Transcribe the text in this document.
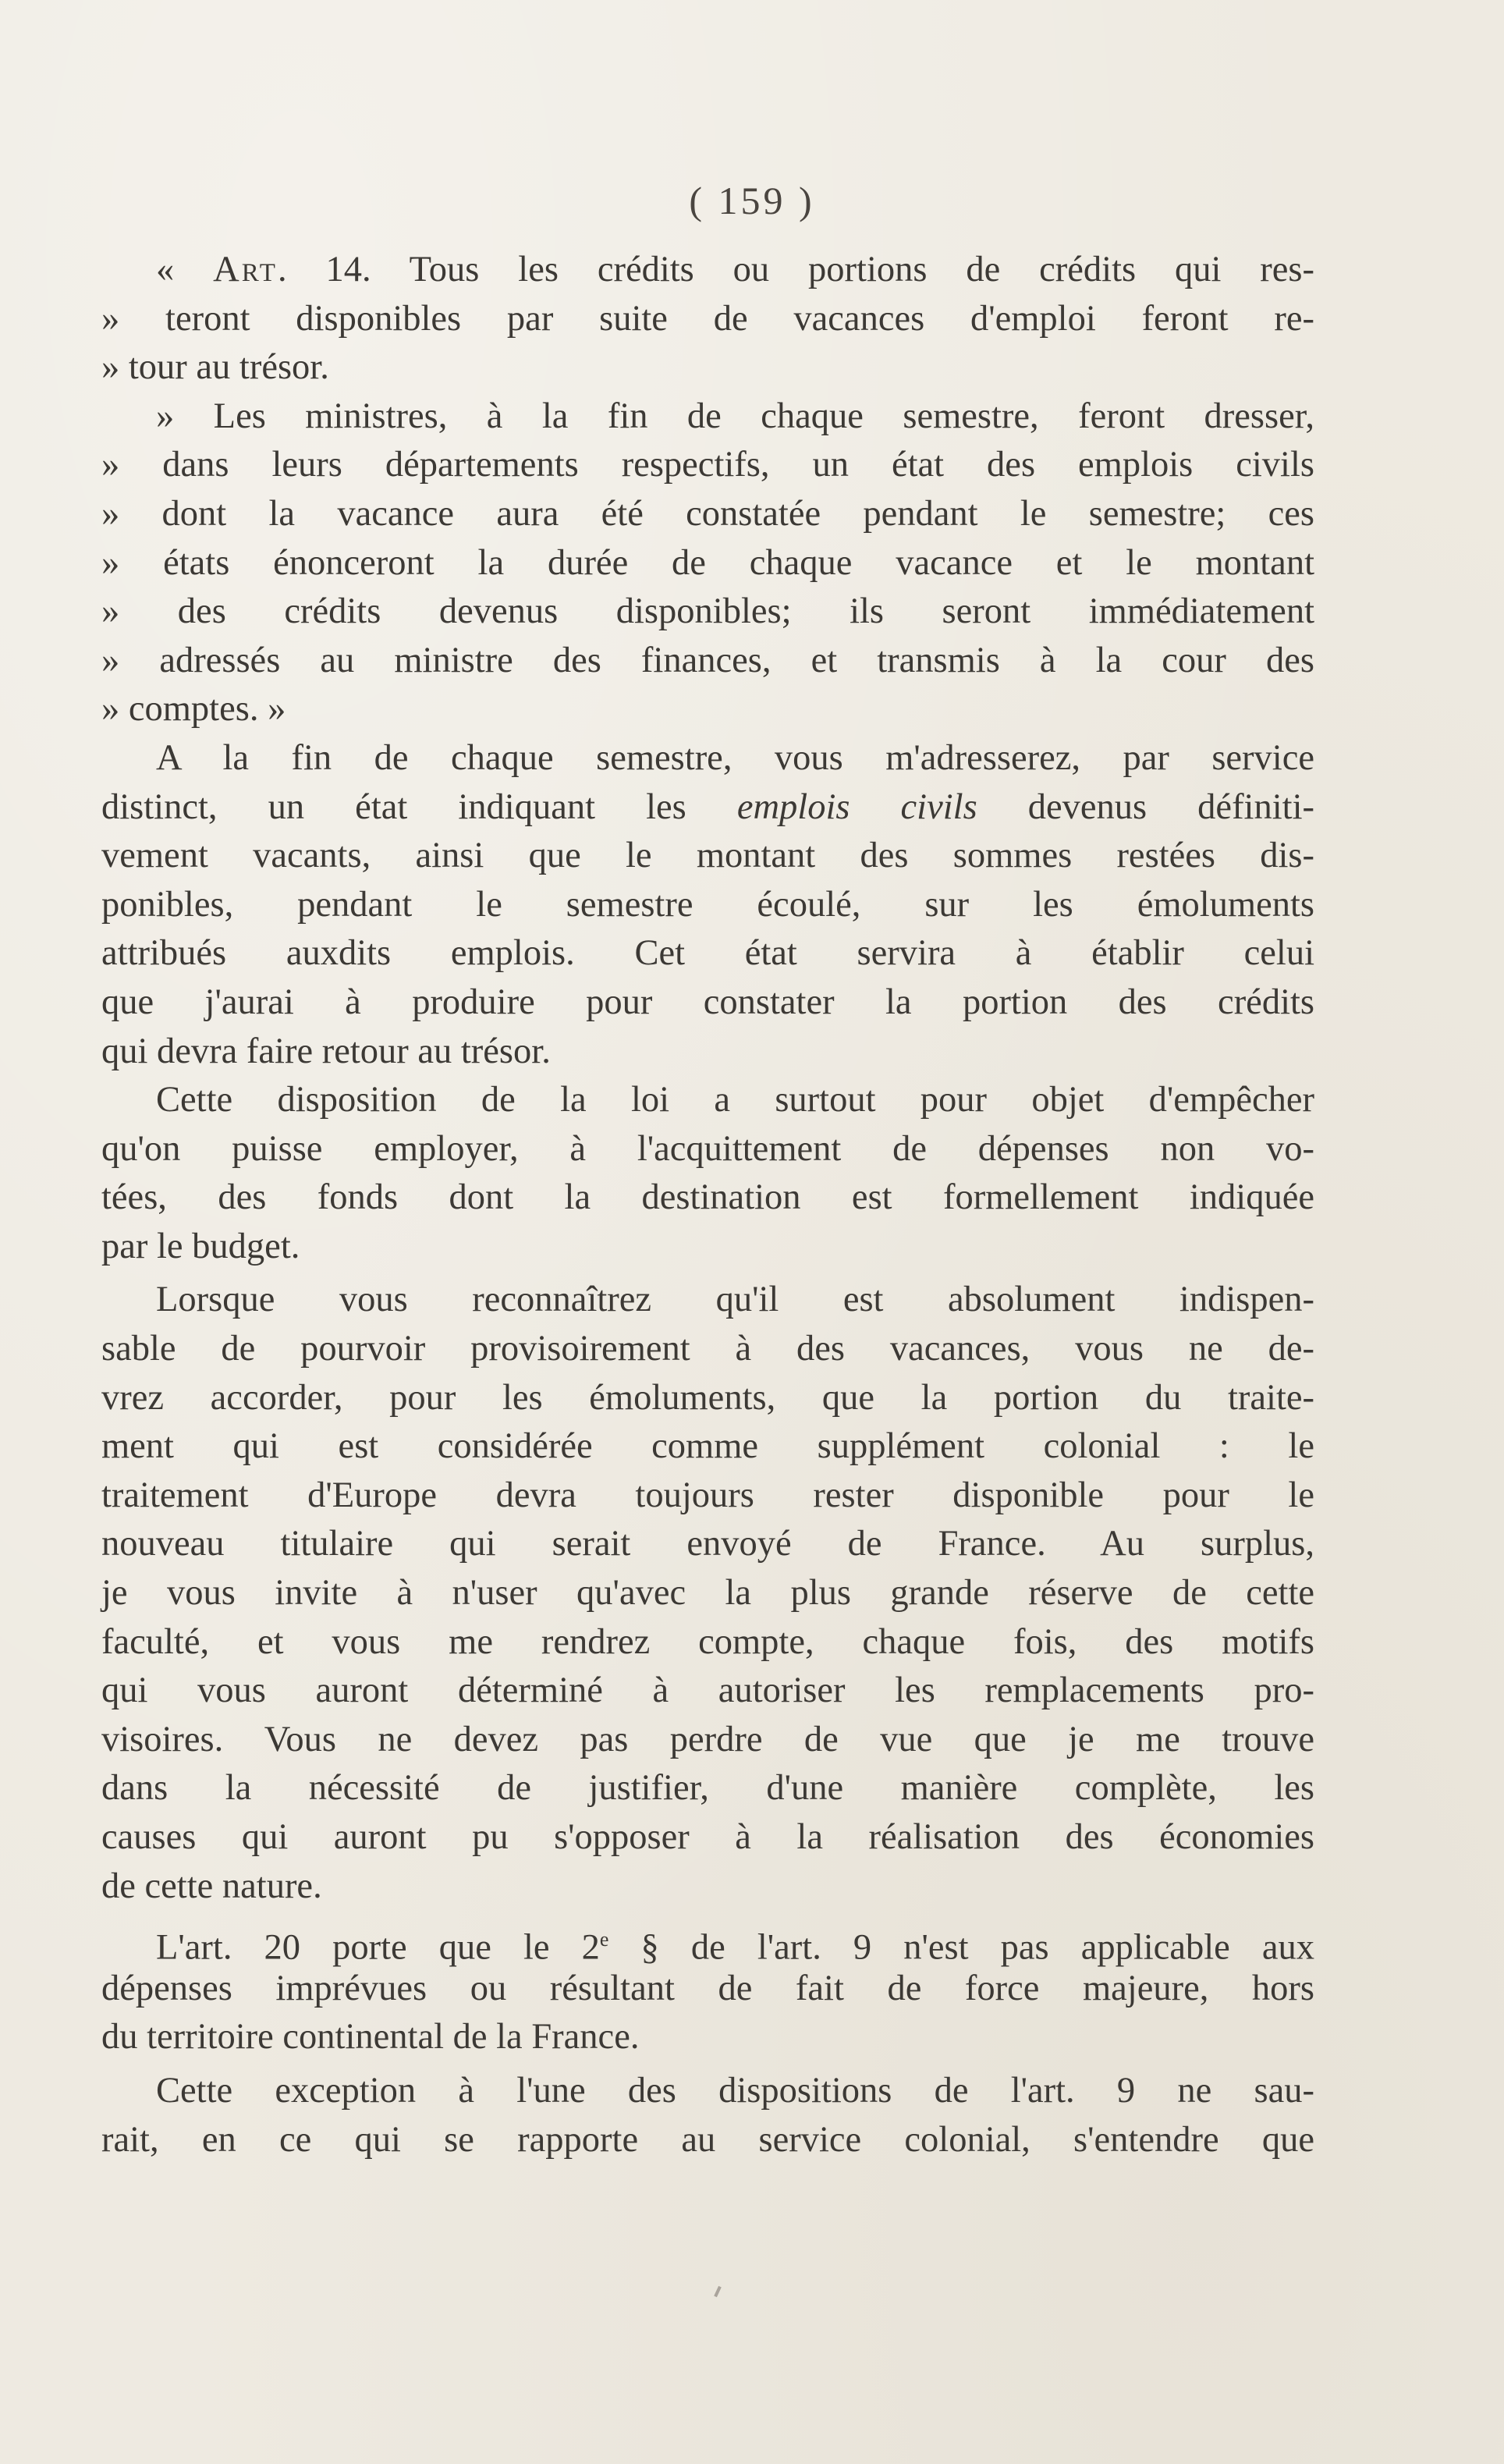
( 159 )
« Art. 14. Tous les crédits ou portions de crédits qui res-
» teront disponibles par suite de vacances d'emploi feront re-
» tour au trésor.
» Les ministres, à la fin de chaque semestre, feront dresser,
» dans leurs départements respectifs, un état des emplois civils
» dont la vacance aura été constatée pendant le semestre; ces
» états énonceront la durée de chaque vacance et le montant
» des crédits devenus disponibles; ils seront immédiatement
» adressés au ministre des finances, et transmis à la cour des
» comptes. »
A la fin de chaque semestre, vous m'adresserez, par service
distinct, un état indiquant les emplois civils devenus définiti-
vement vacants, ainsi que le montant des sommes restées dis-
ponibles, pendant le semestre écoulé, sur les émoluments
attribués auxdits emplois. Cet état servira à établir celui
que j'aurai à produire pour constater la portion des crédits
qui devra faire retour au trésor.
Cette disposition de la loi a surtout pour objet d'empêcher
qu'on puisse employer, à l'acquittement de dépenses non vo-
tées, des fonds dont la destination est formellement indiquée
par le budget.
Lorsque vous reconnaîtrez qu'il est absolument indispen-
sable de pourvoir provisoirement à des vacances, vous ne de-
vrez accorder, pour les émoluments, que la portion du traite-
ment qui est considérée comme supplément colonial : le
traitement d'Europe devra toujours rester disponible pour le
nouveau titulaire qui serait envoyé de France. Au surplus,
je vous invite à n'user qu'avec la plus grande réserve de cette
faculté, et vous me rendrez compte, chaque fois, des motifs
qui vous auront déterminé à autoriser les remplacements pro-
visoires. Vous ne devez pas perdre de vue que je me trouve
dans la nécessité de justifier, d'une manière complète, les
causes qui auront pu s'opposer à la réalisation des économies
de cette nature.
L'art. 20 porte que le 2e § de l'art. 9 n'est pas applicable aux
dépenses imprévues ou résultant de fait de force majeure, hors
du territoire continental de la France.
Cette exception à l'une des dispositions de l'art. 9 ne sau-
rait, en ce qui se rapporte au service colonial, s'entendre que
